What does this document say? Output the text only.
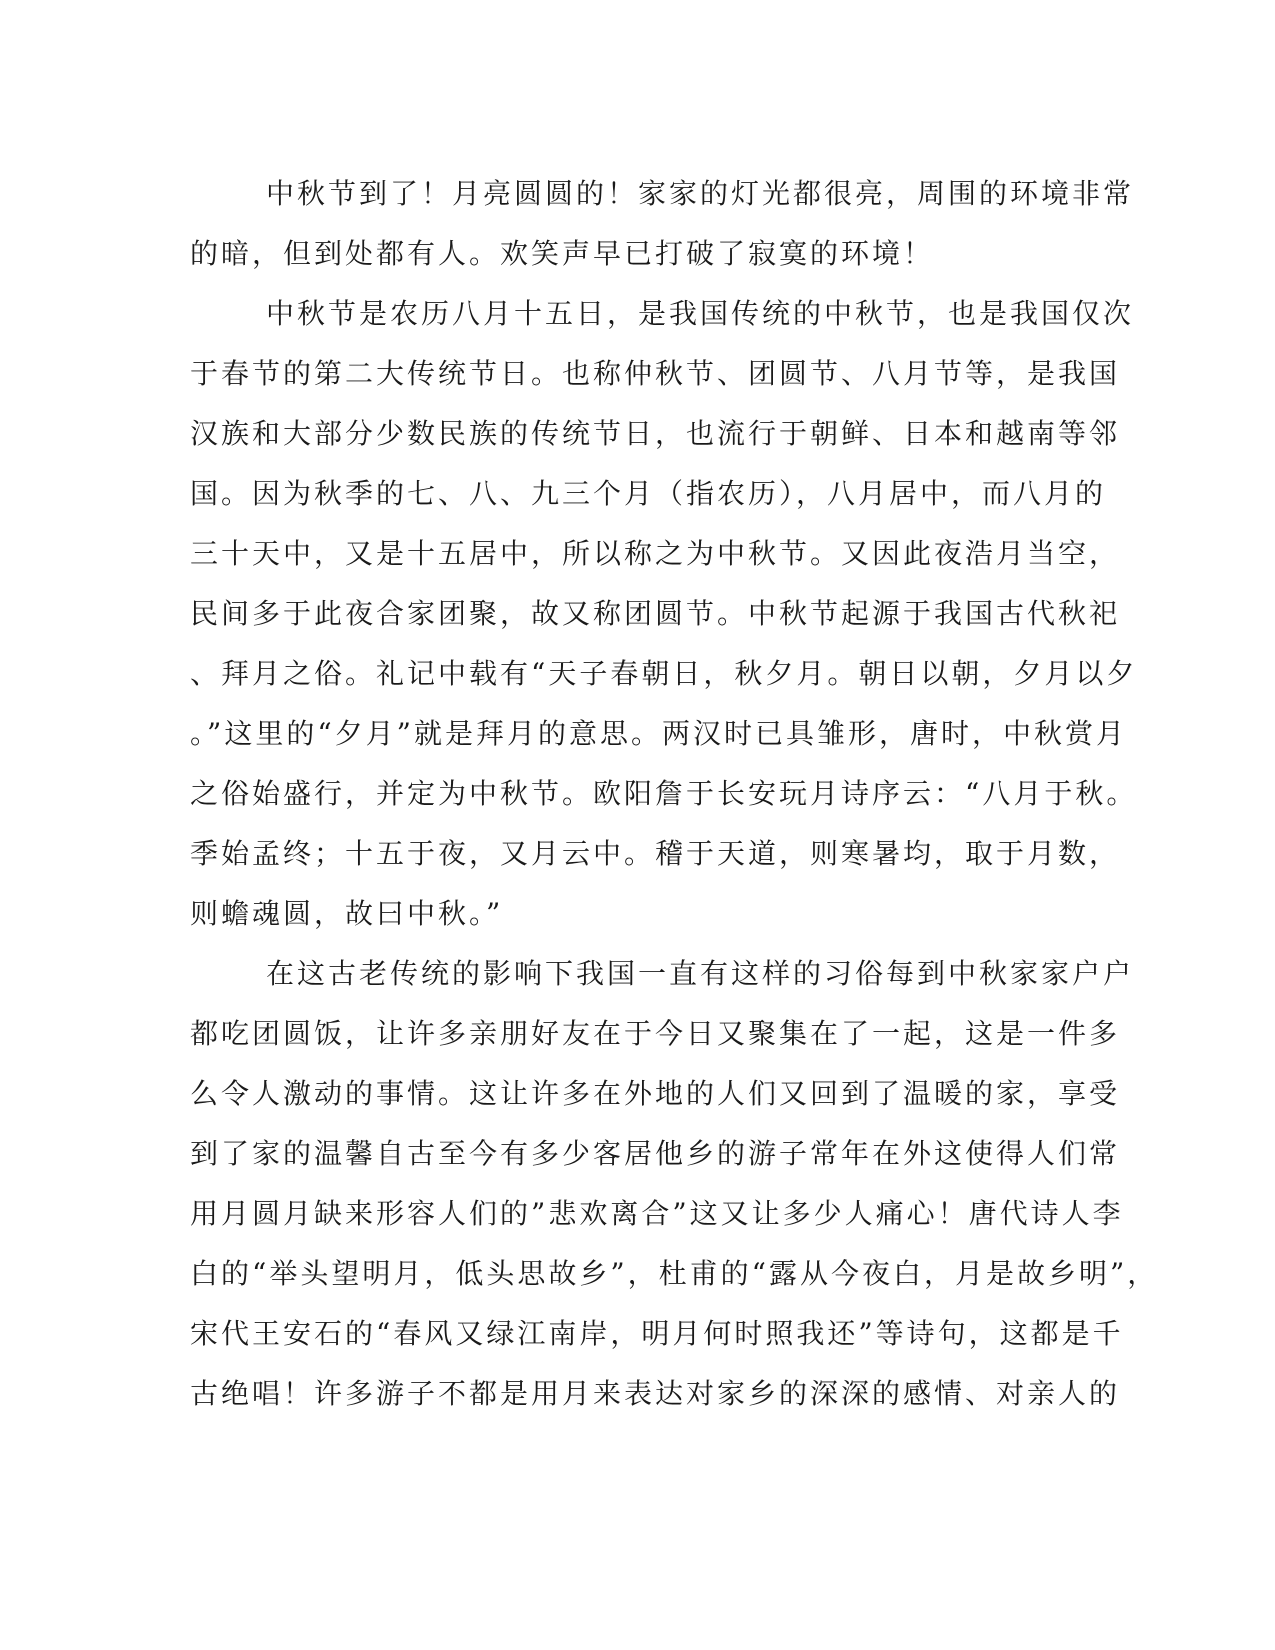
中秋节到了！月亮圆圆的！家家的灯光都很亮，周围的环境非常
的暗，但到处都有人。欢笑声早已打破了寂寞的环境！
中秋节是农历八月十五日，是我国传统的中秋节，也是我国仅次
于春节的第二大传统节日。也称仲秋节、团圆节、八月节等，是我国
汉族和大部分少数民族的传统节日，也流行于朝鲜、日本和越南等邻
国。因为秋季的七、八、九三个月（指农历），八月居中，而八月的
三十天中，又是十五居中，所以称之为中秋节。又因此夜浩月当空，
民间多于此夜合家团聚，故又称团圆节。中秋节起源于我国古代秋祀
、拜月之俗。礼记中载有“天子春朝日，秋夕月。朝日以朝，夕月以夕
。”这里的“夕月”就是拜月的意思。两汉时已具雏形，唐时，中秋赏月
之俗始盛行，并定为中秋节。欧阳詹于长安玩月诗序云：“八月于秋。
季始孟终；十五于夜，又月云中。稽于天道，则寒暑均，取于月数，
则蟾魂圆，故曰中秋。”
在这古老传统的影响下我国一直有这样的习俗每到中秋家家户户
都吃团圆饭，让许多亲朋好友在于今日又聚集在了一起，这是一件多
么令人激动的事情。这让许多在外地的人们又回到了温暖的家，享受
到了家的温馨自古至今有多少客居他乡的游子常年在外这使得人们常
用月圆月缺来形容人们的”悲欢离合”这又让多少人痛心！唐代诗人李
白的“举头望明月，低头思故乡”，杜甫的“露从今夜白，月是故乡明”，
宋代王安石的“春风又绿江南岸，明月何时照我还”等诗句，这都是千
古绝唱！许多游子不都是用月来表达对家乡的深深的感情、对亲人的
